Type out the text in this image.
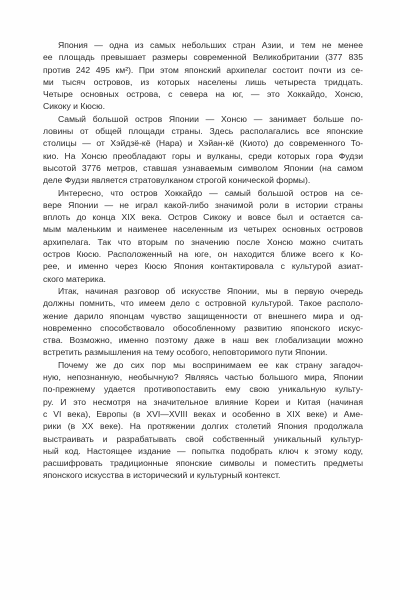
Япония — одна из самых небольших стран Азии, и тем не менее
ее площадь превышает размеры современной Великобритании (377 835
против 242 495 км²). При этом японский архипелаг состоит почти из се-
ми тысяч островов, из которых населены лишь четыреста тридцать.
Четыре основных острова, с севера на юг, — это Хоккайдо, Хонсю,
Сикоку и Кюсю.
Самый большой остров Японии — Хонсю — занимает больше по-
ловины от общей площади страны. Здесь располагались все японские
столицы — от Хэйдзё-кё (Нара) и Хэйан-кё (Киото) до современного То-
кио. На Хонсю преобладают горы и вулканы, среди которых гора Фудзи
высотой 3776 метров, ставшая узнаваемым символом Японии (на самом
деле Фудзи является стратовулканом строгой конической формы).
Интересно, что остров Хоккайдо — самый большой остров на се-
вере Японии — не играл какой-либо значимой роли в истории страны
вплоть до конца XIX века. Остров Сикоку и вовсе был и остается са-
мым маленьким и наименее населенным из четырех основных островов
архипелага. Так что вторым по значению после Хонсю можно считать
остров Кюсю. Расположенный на юге, он находится ближе всего к Ко-
рее, и именно через Кюсю Япония контактировала с культурой азиат-
ского материка.
Итак, начиная разговор об искусстве Японии, мы в первую очередь
должны помнить, что имеем дело с островной культурой. Такое располо-
жение дарило японцам чувство защищенности от внешнего мира и од-
новременно способствовало обособленному развитию японского искус-
ства. Возможно, именно поэтому даже в наш век глобализации можно
встретить размышления на тему особого, неповторимого пути Японии.
Почему же до сих пор мы воспринимаем ее как страну загадоч-
ную, непознанную, необычную? Являясь частью большого мира, Японии
по-прежнему удается противопоставить ему свою уникальную культу-
ру. И это несмотря на значительное влияние Кореи и Китая (начиная
с VI века), Европы (в XVI—XVIII веках и особенно в XIX веке) и Аме-
рики (в XX веке). На протяжении долгих столетий Япония продолжала
выстраивать и разрабатывать свой собственный уникальный культур-
ный код. Настоящее издание — попытка подобрать ключ к этому коду,
расшифровать традиционные японские символы и поместить предметы
японского искусства в исторический и культурный контекст.
